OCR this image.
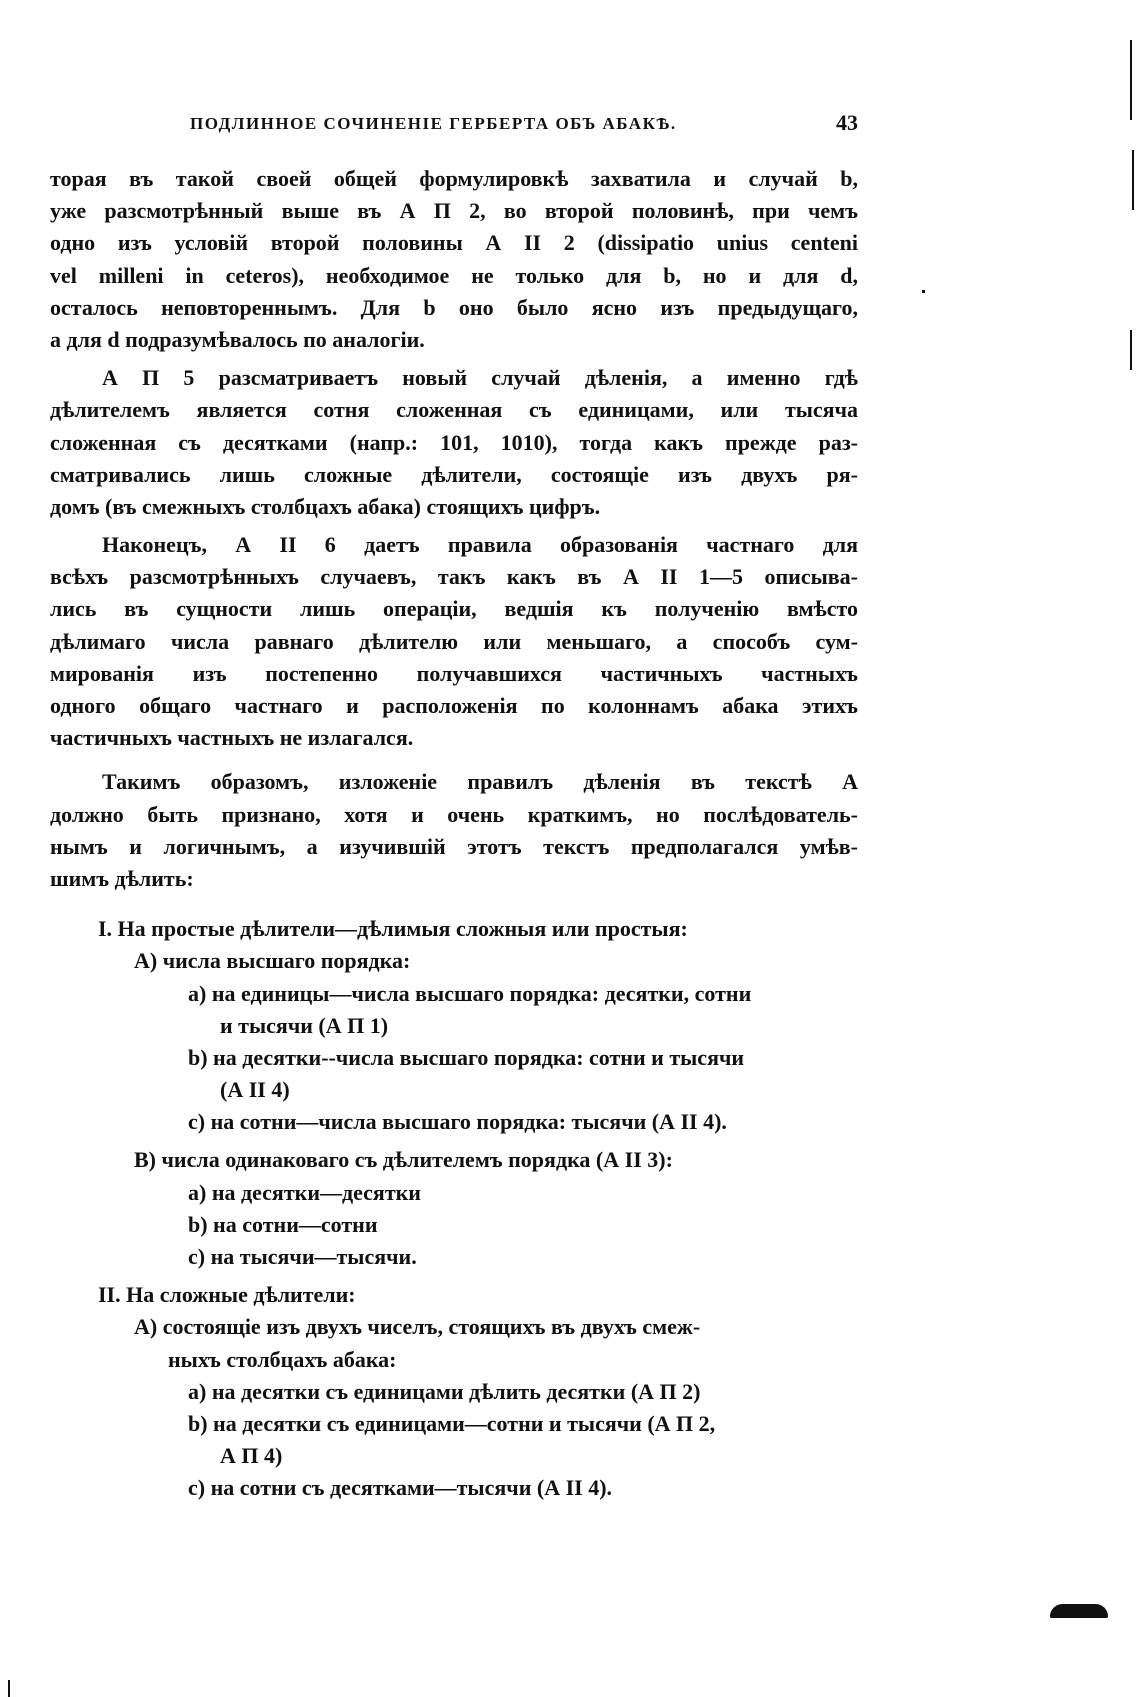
ПОДЛИННОЕ СОЧИНЕНІЕ ГЕРБЕРТА ОБЪ АБАКѢ.	43
торая въ такой своей общей формулировкѣ захватила и случай b,
уже разсмотрѣнный выше въ А П 2, во второй половинѣ, при чемъ
одно изъ условій второй половины А II 2 (dissipatio unius centeni
vel milleni in ceteros), необходимое не только для b, но и для d,
осталось неповтореннымъ. Для b оно было ясно изъ предыдущаго,
а для d подразумѣвалось по аналогіи.
А П 5 разсматриваетъ новый случай дѣленія, а именно гдѣ
дѣлителемъ является сотня сложенная съ единицами, или тысяча
сложенная съ десятками (напр.: 101, 1010), тогда какъ прежде раз-
сматривались лишь сложные дѣлители, состоящіе изъ двухъ ря-
домъ (въ смежныхъ столбцахъ абака) стоящихъ цифръ.
Наконецъ, А II 6 даетъ правила образованія частнаго для
всѣхъ разсмотрѣнныхъ случаевъ, такъ какъ въ А II 1—5 описыва-
лись въ сущности лишь операціи, ведшія къ полученію вмѣсто
дѣлимаго числа равнаго дѣлителю или меньшаго, а способъ сум-
мированія изъ постепенно получавшихся частичныхъ частныхъ
одного общаго частнаго и расположенія по колоннамъ абака этихъ
частичныхъ частныхъ не излагался.
Такимъ образомъ, изложеніе правилъ дѣленія въ текстѣ А
должно быть признано, хотя и очень краткимъ, но послѣдователь-
нымъ и логичнымъ, а изучившій этотъ текстъ предполагался умѣв-
шимъ дѣлить:
I. На простые дѣлители—дѣлимыя сложныя или простыя:
А) числа высшаго порядка:
а) на единицы—числа высшаго порядка: десятки, сотни
и тысячи (А П 1)
b) на десятки--числа высшаго порядка: сотни и тысячи
(А II 4)
c) на сотни—числа высшаго порядка: тысячи (А II 4).
В) числа одинаковаго съ дѣлителемъ порядка (А II 3):
а) на десятки—десятки
b) на сотни—сотни
c) на тысячи—тысячи.
II. На сложные дѣлители:
А) состоящіе изъ двухъ чиселъ, стоящихъ въ двухъ смеж-
ныхъ столбцахъ абака:
а) на десятки съ единицами дѣлить десятки (А П 2)
b) на десятки съ единицами—сотни и тысячи (А П 2,
А П 4)
c) на сотни съ десятками—тысячи (А II 4).
